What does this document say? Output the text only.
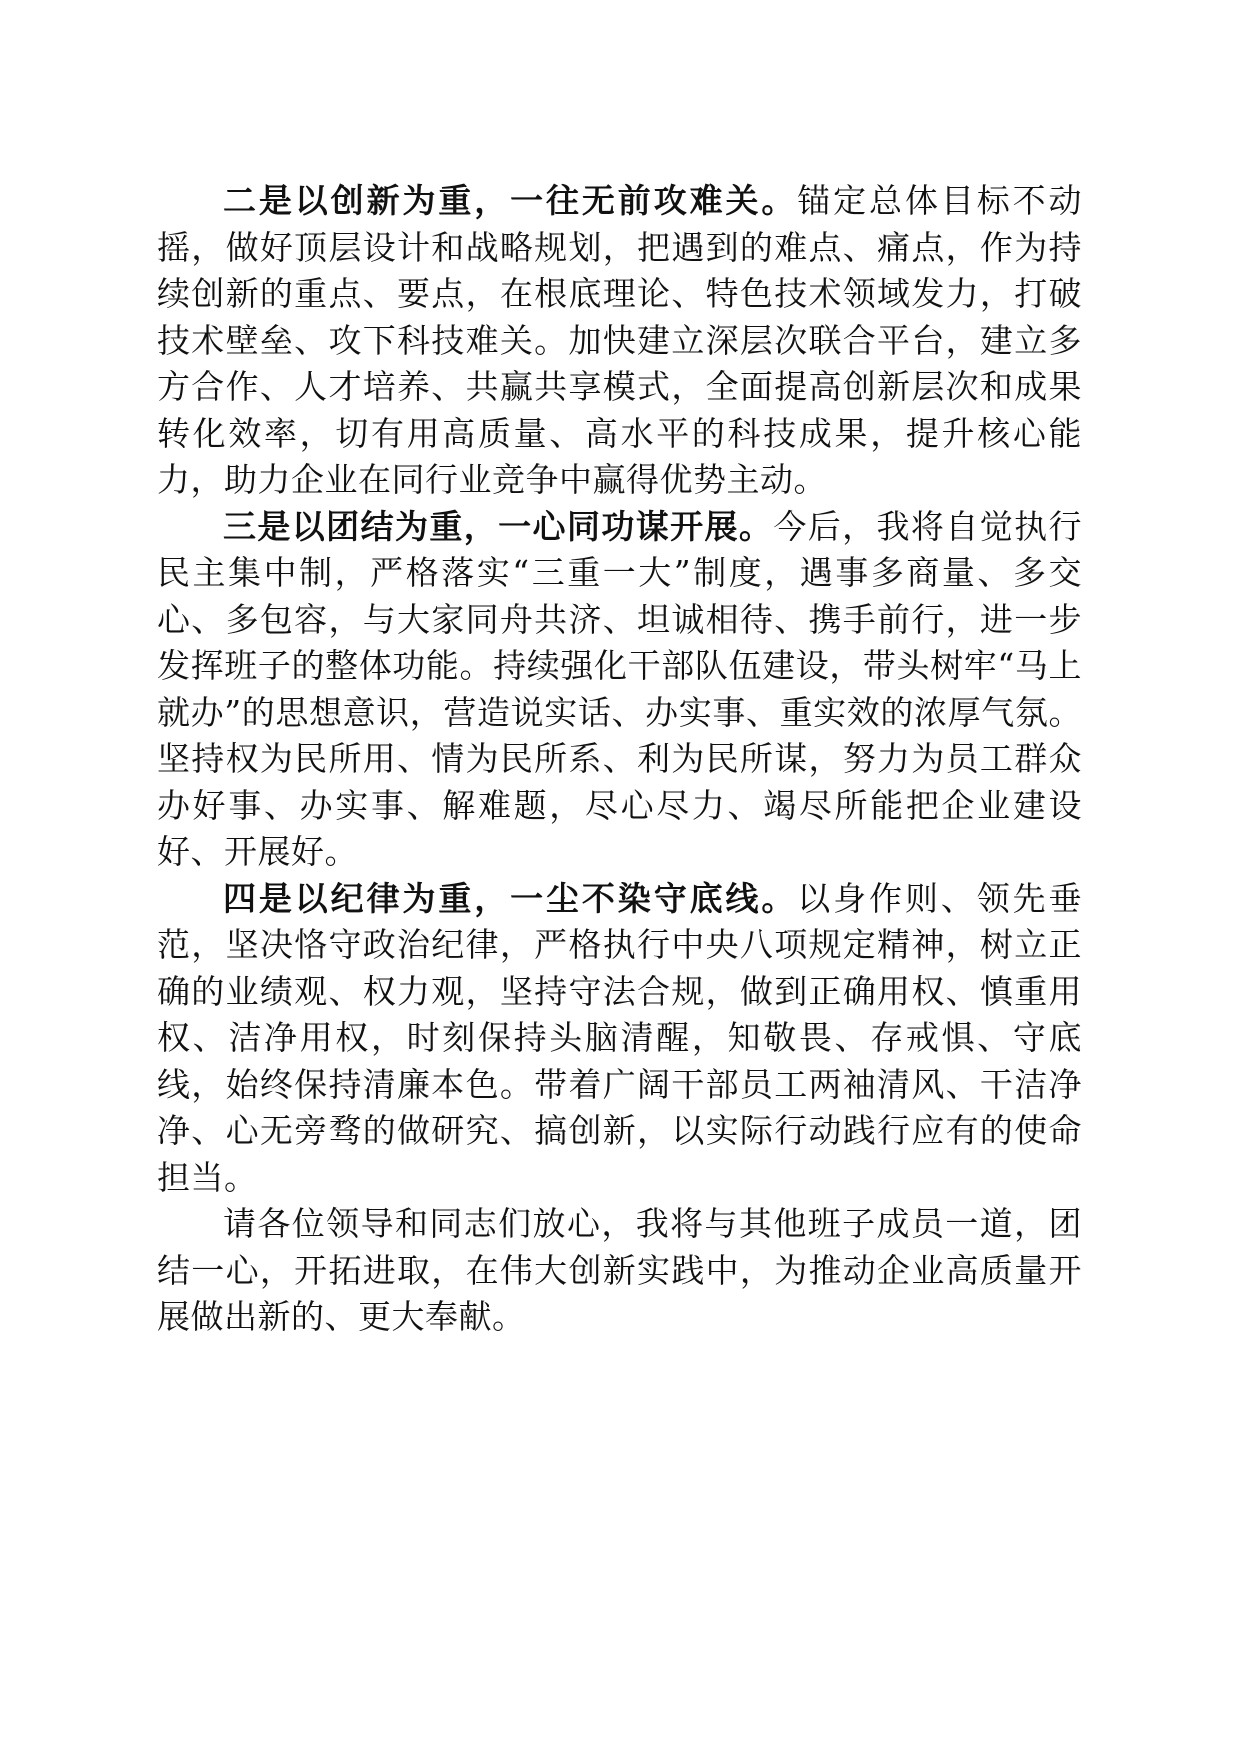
二是以创新为重，一往无前攻难关。锚定总体目标不动摇，做好顶层设计和战略规划，把遇到的难点、痛点，作为持续创新的重点、要点，在根底理论、特色技术领域发力，打破技术壁垒、攻下科技难关。加快建立深层次联合平台，建立多方合作、人才培养、共赢共享模式，全面提高创新层次和成果转化效率，切有用高质量、高水平的科技成果，提升核心能力，助力企业在同行业竞争中赢得优势主动。

三是以团结为重，一心同功谋开展。今后，我将自觉执行民主集中制，严格落实“三重一大”制度，遇事多商量、多交心、多包容，与大家同舟共济、坦诚相待、携手前行，进一步发挥班子的整体功能。持续强化干部队伍建设，带头树牢“马上就办”的思想意识，营造说实话、办实事、重实效的浓厚气氛。坚持权为民所用、情为民所系、利为民所谋，努力为员工群众办好事、办实事、解难题，尽心尽力、竭尽所能把企业建设好、开展好。

四是以纪律为重，一尘不染守底线。以身作则、领先垂范，坚决恪守政治纪律，严格执行中央八项规定精神，树立正确的业绩观、权力观，坚持守法合规，做到正确用权、慎重用权、洁净用权，时刻保持头脑清醒，知敬畏、存戒惧、守底线，始终保持清廉本色。带着广阔干部员工两袖清风、干洁净净、心无旁骛的做研究、搞创新，以实际行动践行应有的使命担当。

请各位领导和同志们放心，我将与其他班子成员一道，团结一心，开拓进取，在伟大创新实践中，为推动企业高质量开展做出新的、更大奉献。
